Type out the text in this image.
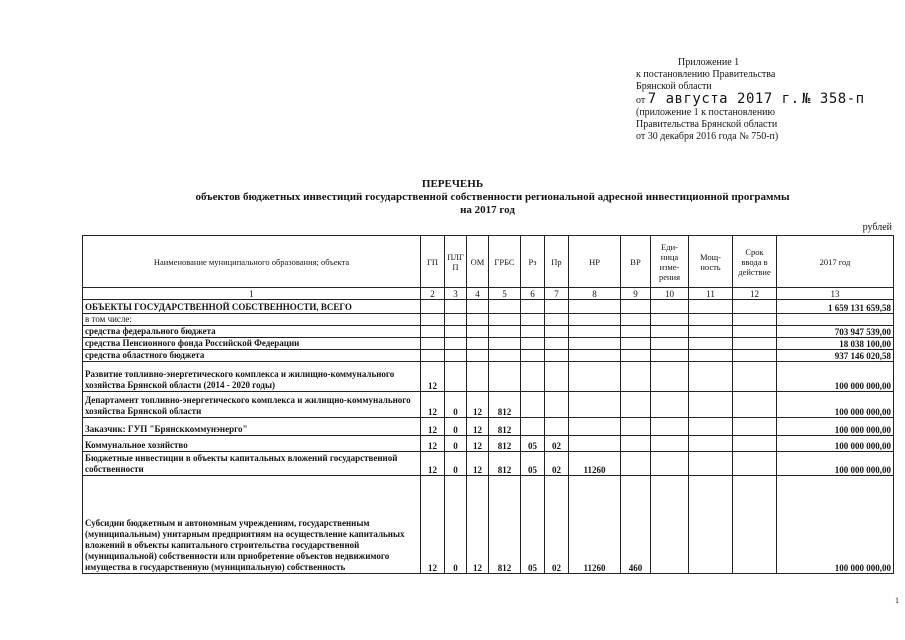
Приложение 1
к постановлению Правительства
Брянской области
от 7 августа 2017 г. № 358-п
(приложение 1 к постановлению
Правительства Брянской области
от 30 декабря 2016 года № 750-п)
ПЕРЕЧЕНЬ
объектов бюджетных инвестиций государственной собственности региональной адресной инвестиционной программы
на 2017 год
рублей
Наименование муниципального образования; объекта	ГП	ПЛГ П	ОМ	ГРБС	Рз	Пр	НР	ВР	Еди-ница изме-рения	Мощ-ность	Срок ввода в действие	2017 год
1	2	3	4	5	6	7	8	9	10	11	12	13
ОБЪЕКТЫ ГОСУДАРСТВЕННОЙ СОБСТВЕННОСТИ, ВСЕГО												1 659 131 659,58
в том числе:												
средства федерального бюджета												703 947 539,00
средства Пенсионного фонда Российской Федерации												18 038 100,00
средства областного бюджета												937 146 020,58
Развитие топливно-энергетического комплекса и жилищно-коммунального хозяйства Брянской области (2014 - 2020 годы)	12											100 000 000,00
Департамент топливно-энергетического комплекса и жилищно-коммунального хозяйства Брянской области	12	0	12	812								100 000 000,00
Заказчик: ГУП "Брянсккоммунэнерго"	12	0	12	812								100 000 000,00
Коммунальное хозяйство	12	0	12	812	05	02						100 000 000,00
Бюджетные инвестиции в объекты капитальных вложений государственной собственности	12	0	12	812	05	02	11260					100 000 000,00
Субсидии бюджетным и автономным учреждениям, государственным (муниципальным) унитарным предприятиям на осуществление капитальных вложений в объекты капитального строительства государственной (муниципальной) собственности или приобретение объектов недвижимого имущества в государственную (муниципальную) собственность	12	0	12	812	05	02	11260	460				100 000 000,00
1
